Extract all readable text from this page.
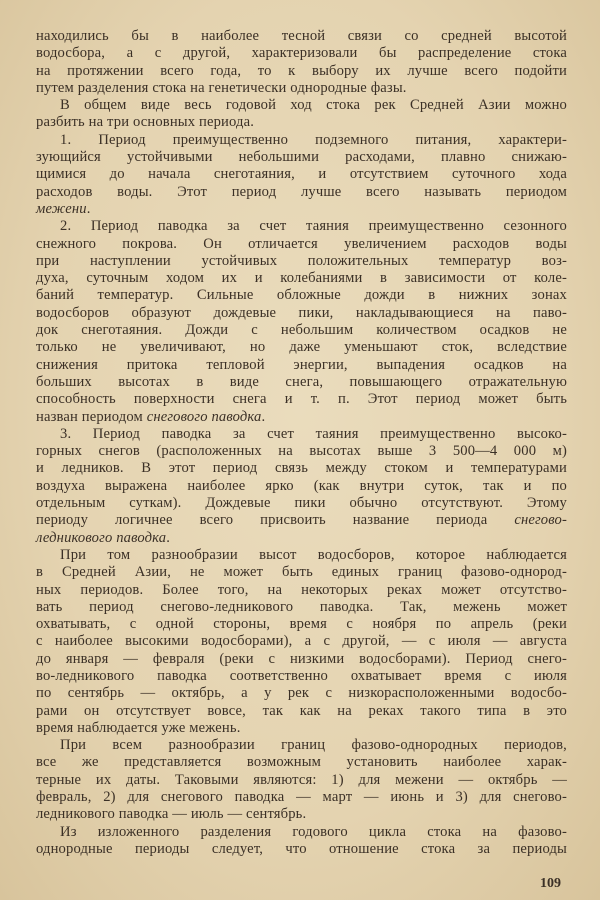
находились бы в наиболее тесной связи со средней высотой
водосбора, а с другой, характеризовали бы распределение стока
на протяжении всего года, то к выбору их лучше всего подойти
путем разделения стока на генетически однородные фазы.
В общем виде весь годовой ход стока рек Средней Азии можно
разбить на три основных периода.
1. Период преимущественно подземного питания, характери-
зующийся устойчивыми небольшими расходами, плавно снижаю-
щимися до начала снеготаяния, и отсутствием суточного хода
расходов воды. Этот период лучше всего называть периодом
межени.
2. Период паводка за счет таяния преимущественно сезонного
снежного покрова. Он отличается увеличением расходов воды
при наступлении устойчивых положительных температур воз-
духа, суточным ходом их и колебаниями в зависимости от коле-
баний температур. Сильные обложные дожди в нижних зонах
водосборов образуют дождевые пики, накладывающиеся на паво-
док снеготаяния. Дожди с небольшим количеством осадков не
только не увеличивают, но даже уменьшают сток, вследствие
снижения притока тепловой энергии, выпадения осадков на
больших высотах в виде снега, повышающего отражательную
способность поверхности снега и т. п. Этот период может быть
назван периодом снегового паводка.
3. Период паводка за счет таяния преимущественно высоко-
горных снегов (расположенных на высотах выше 3 500—4 000 м)
и ледников. В этот период связь между стоком и температурами
воздуха выражена наиболее ярко (как внутри суток, так и по
отдельным суткам). Дождевые пики обычно отсутствуют. Этому
периоду логичнее всего присвоить название периода снегово-
ледникового паводка.
При том разнообразии высот водосборов, которое наблюдается
в Средней Азии, не может быть единых границ фазово-однород-
ных периодов. Более того, на некоторых реках может отсутство-
вать период снегово-ледникового паводка. Так, межень может
охватывать, с одной стороны, время с ноября по апрель (реки
с наиболее высокими водосборами), а с другой, — с июля — августа
до января — февраля (реки с низкими водосборами). Период снего-
во-ледникового паводка соответственно охватывает время с июля
по сентябрь — октябрь, а у рек с низкорасположенными водосбо-
рами он отсутствует вовсе, так как на реках такого типа в это
время наблюдается уже межень.
При всем разнообразии границ фазово-однородных периодов,
все же представляется возможным установить наиболее харак-
терные их даты. Таковыми являются: 1) для межени — октябрь —
февраль, 2) для снегового паводка — март — июнь и 3) для снегово-
ледникового паводка — июль — сентябрь.
Из изложенного разделения годового цикла стока на фазово-
однородные периоды следует, что отношение стока за периоды
109
